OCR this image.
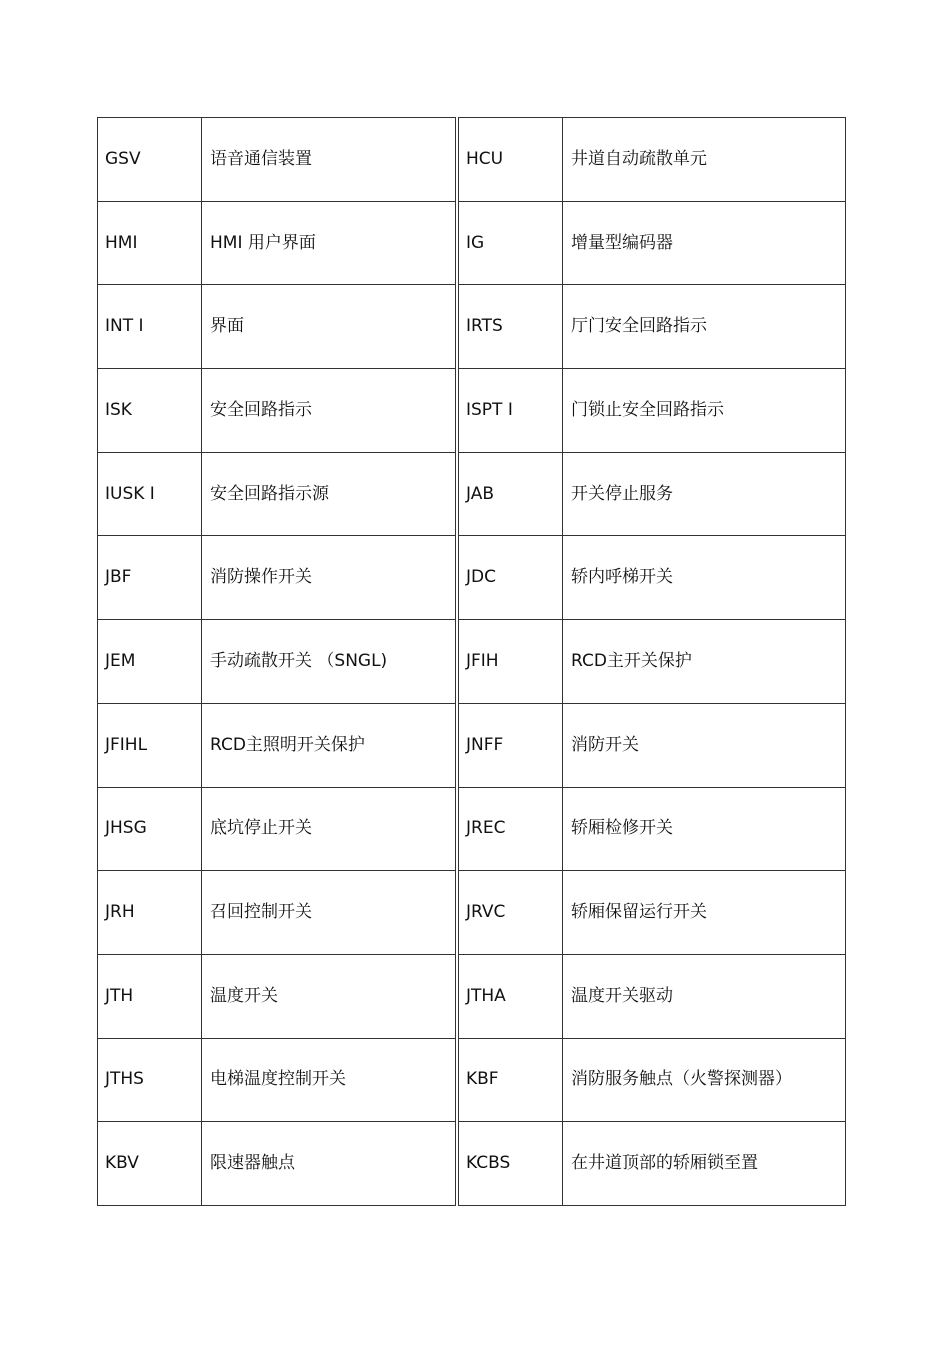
GSV	语音通信装置	HCU	井道自动疏散单元
HMI	HMI 用户界面	IG	增量型编码器
INT I	界面	IRTS	厅门安全回路指示
ISK	安全回路指示	ISPT I	门锁止安全回路指示
IUSK I	安全回路指示源	JAB	开关停止服务
JBF	消防操作开关	JDC	轿内呼梯开关
JEM	手动疏散开关 （SNGL)	JFIH	RCD主开关保护
JFIHL	RCD主照明开关保护	JNFF	消防开关
JHSG	底坑停止开关	JREC	轿厢检修开关
JRH	召回控制开关	JRVC	轿厢保留运行开关
JTH	温度开关	JTHA	温度开关驱动
JTHS	电梯温度控制开关	KBF	消防服务触点（火警探测器）
KBV	限速器触点	KCBS	在井道顶部的轿厢锁至置
